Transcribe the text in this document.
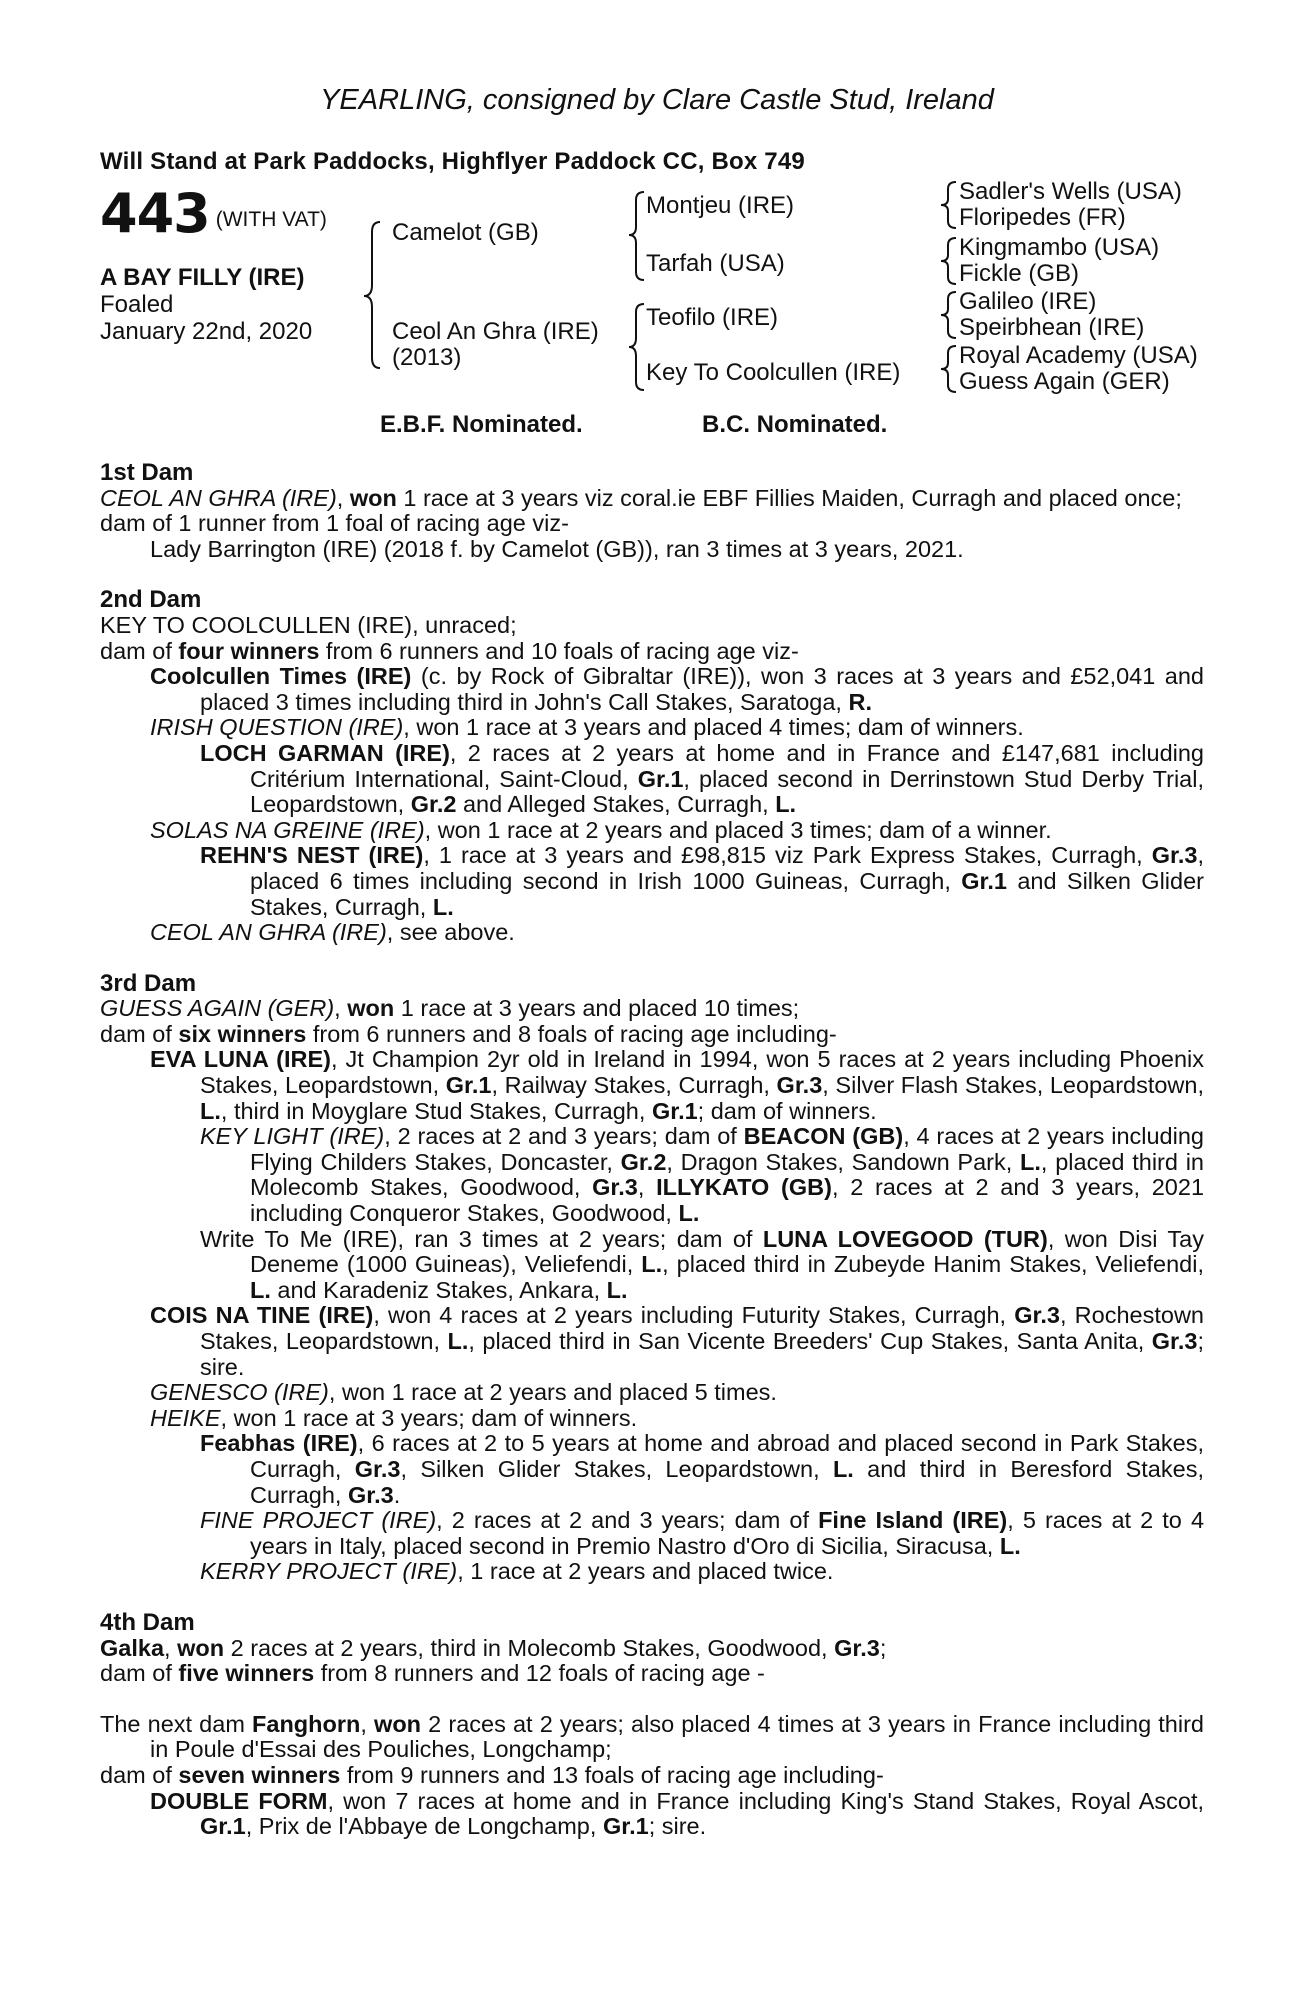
YEARLING, consigned by Clare Castle Stud, Ireland
Will Stand at Park Paddocks, Highflyer Paddock CC, Box 749
443 (WITH VAT)
A BAY FILLY (IRE)
Foaled
January 22nd, 2020
Camelot (GB)
Ceol An Ghra (IRE)
(2013)
Montjeu (IRE)
Tarfah (USA)
Teofilo (IRE)
Key To Coolcullen (IRE)
Sadler's Wells (USA)
Floripedes (FR)
Kingmambo (USA)
Fickle (GB)
Galileo (IRE)
Speirbhean (IRE)
Royal Academy (USA)
Guess Again (GER)
E.B.F. Nominated.	B.C. Nominated.
1st Dam
CEOL AN GHRA (IRE), won 1 race at 3 years viz coral.ie EBF Fillies Maiden, Curragh and placed once;
dam of 1 runner from 1 foal of racing age viz-
Lady Barrington (IRE) (2018 f. by Camelot (GB)), ran 3 times at 3 years, 2021.
2nd Dam
KEY TO COOLCULLEN (IRE), unraced;
dam of four winners from 6 runners and 10 foals of racing age viz-
Coolcullen Times (IRE) (c. by Rock of Gibraltar (IRE)), won 3 races at 3 years and £52,041 and placed 3 times including third in John's Call Stakes, Saratoga, R.
IRISH QUESTION (IRE), won 1 race at 3 years and placed 4 times; dam of winners.
LOCH GARMAN (IRE), 2 races at 2 years at home and in France and £147,681 including Critérium International, Saint-Cloud, Gr.1, placed second in Derrinstown Stud Derby Trial, Leopardstown, Gr.2 and Alleged Stakes, Curragh, L.
SOLAS NA GREINE (IRE), won 1 race at 2 years and placed 3 times; dam of a winner.
REHN'S NEST (IRE), 1 race at 3 years and £98,815 viz Park Express Stakes, Curragh, Gr.3, placed 6 times including second in Irish 1000 Guineas, Curragh, Gr.1 and Silken Glider Stakes, Curragh, L.
CEOL AN GHRA (IRE), see above.
3rd Dam
GUESS AGAIN (GER), won 1 race at 3 years and placed 10 times;
dam of six winners from 6 runners and 8 foals of racing age including-
EVA LUNA (IRE), Jt Champion 2yr old in Ireland in 1994, won 5 races at 2 years including Phoenix Stakes, Leopardstown, Gr.1, Railway Stakes, Curragh, Gr.3, Silver Flash Stakes, Leopardstown, L., third in Moyglare Stud Stakes, Curragh, Gr.1; dam of winners.
KEY LIGHT (IRE), 2 races at 2 and 3 years; dam of BEACON (GB), 4 races at 2 years including Flying Childers Stakes, Doncaster, Gr.2, Dragon Stakes, Sandown Park, L., placed third in Molecomb Stakes, Goodwood, Gr.3, ILLYKATO (GB), 2 races at 2 and 3 years, 2021 including Conqueror Stakes, Goodwood, L.
Write To Me (IRE), ran 3 times at 2 years; dam of LUNA LOVEGOOD (TUR), won Disi Tay Deneme (1000 Guineas), Veliefendi, L., placed third in Zubeyde Hanim Stakes, Veliefendi, L. and Karadeniz Stakes, Ankara, L.
COIS NA TINE (IRE), won 4 races at 2 years including Futurity Stakes, Curragh, Gr.3, Rochestown Stakes, Leopardstown, L., placed third in San Vicente Breeders' Cup Stakes, Santa Anita, Gr.3; sire.
GENESCO (IRE), won 1 race at 2 years and placed 5 times.
HEIKE, won 1 race at 3 years; dam of winners.
Feabhas (IRE), 6 races at 2 to 5 years at home and abroad and placed second in Park Stakes, Curragh, Gr.3, Silken Glider Stakes, Leopardstown, L. and third in Beresford Stakes, Curragh, Gr.3.
FINE PROJECT (IRE), 2 races at 2 and 3 years; dam of Fine Island (IRE), 5 races at 2 to 4 years in Italy, placed second in Premio Nastro d'Oro di Sicilia, Siracusa, L.
KERRY PROJECT (IRE), 1 race at 2 years and placed twice.
4th Dam
Galka, won 2 races at 2 years, third in Molecomb Stakes, Goodwood, Gr.3;
dam of five winners from 8 runners and 12 foals of racing age -
The next dam Fanghorn, won 2 races at 2 years; also placed 4 times at 3 years in France including third in Poule d'Essai des Pouliches, Longchamp;
dam of seven winners from 9 runners and 13 foals of racing age including-
DOUBLE FORM, won 7 races at home and in France including King's Stand Stakes, Royal Ascot, Gr.1, Prix de l'Abbaye de Longchamp, Gr.1; sire.
